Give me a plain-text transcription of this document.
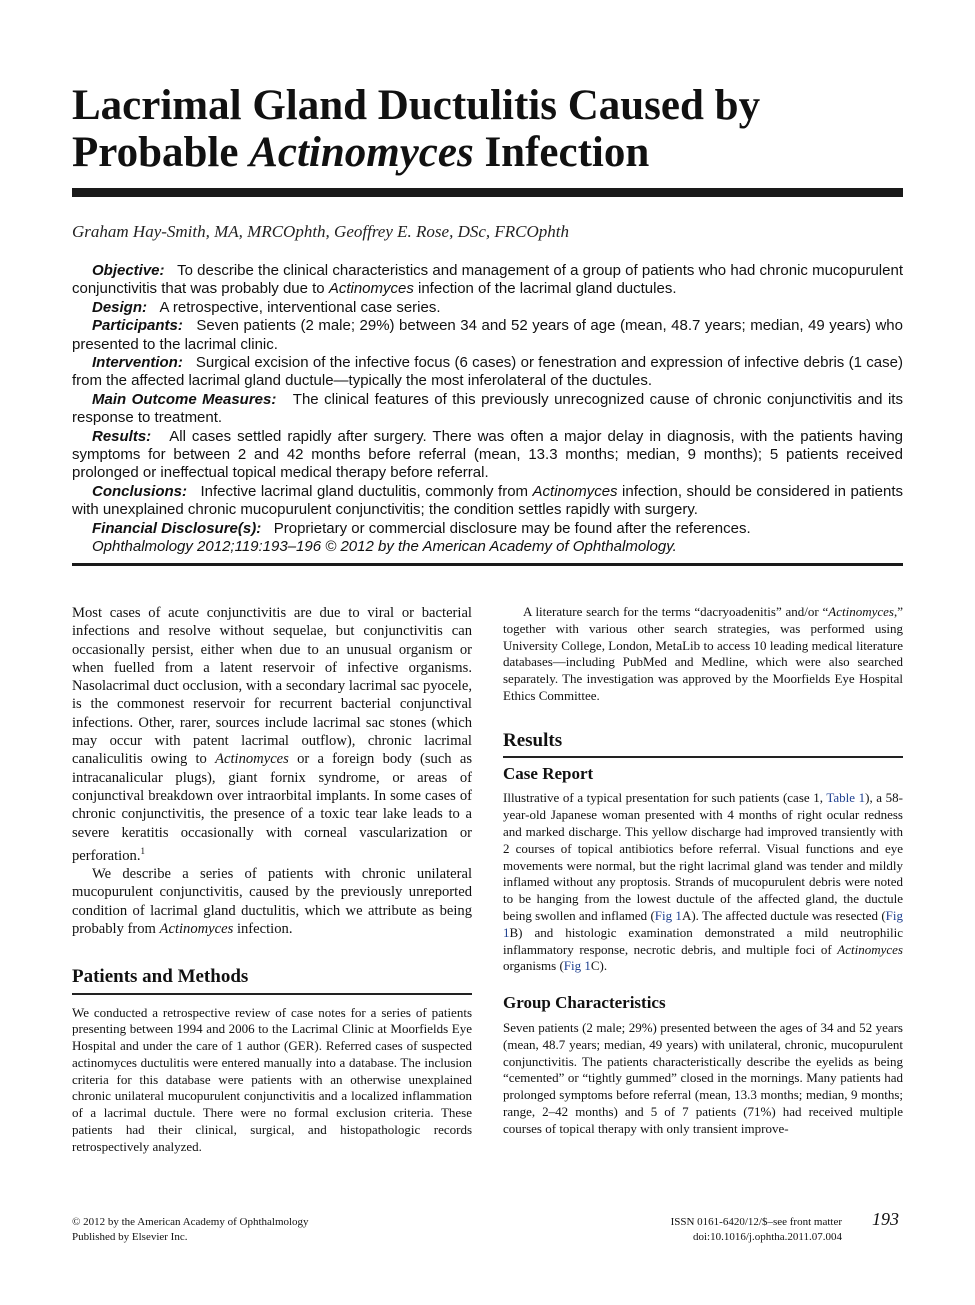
Lacrimal Gland Ductulitis Caused by
Probable Actinomyces Infection
Graham Hay-Smith, MA, MRCOphth, Geoffrey E. Rose, DSc, FRCOphth

Objective: To describe the clinical characteristics and management of a group of patients who had chronic mucopurulent conjunctivitis that was probably due to Actinomyces infection of the lacrimal gland ductules.

Design: A retrospective, interventional case series.

Participants: Seven patients (2 male; 29%) between 34 and 52 years of age (mean, 48.7 years; median, 49 years) who presented to the lacrimal clinic.

Intervention: Surgical excision of the infective focus (6 cases) or fenestration and expression of infective debris (1 case) from the affected lacrimal gland ductule—typically the most inferolateral of the ductules.

Main Outcome Measures: The clinical features of this previously unrecognized cause of chronic conjunctivitis and its response to treatment.

Results: All cases settled rapidly after surgery. There was often a major delay in diagnosis, with the patients having symptoms for between 2 and 42 months before referral (mean, 13.3 months; median, 9 months); 5 patients received prolonged or ineffectual topical medical therapy before referral.

Conclusions: Infective lacrimal gland ductulitis, commonly from Actinomyces infection, should be considered in patients with unexplained chronic mucopurulent conjunctivitis; the condition settles rapidly with surgery.

Financial Disclosure(s): Proprietary or commercial disclosure may be found after the references.

Ophthalmology 2012;119:193–196 © 2012 by the American Academy of Ophthalmology.

Most cases of acute conjunctivitis are due to viral or bacterial infections and resolve without sequelae, but conjunctivitis can occasionally persist, either when due to an unusual organism or when fuelled from a latent reservoir of infective organisms. Nasolacrimal duct occlusion, with a secondary lacrimal sac pyocele, is the commonest reservoir for recurrent bacterial conjunctival infections. Other, rarer, sources include lacrimal sac stones (which may occur with patent lacrimal outflow), chronic lacrimal canaliculitis owing to Actinomyces or a foreign body (such as intracanalicular plugs), giant fornix syndrome, or areas of conjunctival breakdown over intraorbital implants. In some cases of chronic conjunctivitis, the presence of a toxic tear lake leads to a severe keratitis occasionally with corneal vascularization or perforation.$^1$

We describe a series of patients with chronic unilateral mucopurulent conjunctivitis, caused by the previously unreported condition of lacrimal gland ductulitis, which we attribute as being probably from Actinomyces infection.

Patients and Methods

We conducted a retrospective review of case notes for a series of patients presenting between 1994 and 2006 to the Lacrimal Clinic at Moorfields Eye Hospital and under the care of 1 author (GER). Referred cases of suspected actinomyces ductulitis were entered manually into a database. The inclusion criteria for this database were patients with an otherwise unexplained chronic unilateral mucopurulent conjunctivitis and a localized inflammation of a lacrimal ductule. There were no formal exclusion criteria. These patients had their clinical, surgical, and histopathologic records retrospectively analyzed.

A literature search for the terms “dacryoadenitis” and/or “Actinomyces,” together with various other search strategies, was performed using University College, London, MetaLib to access 10 leading medical literature databases—including PubMed and Medline, which were also searched separately. The investigation was approved by the Moorfields Eye Hospital Ethics Committee.

Results
Case Report

Illustrative of a typical presentation for such patients (case 1, Table 1), a 58-year-old Japanese woman presented with 4 months of right ocular redness and marked discharge. This yellow discharge had improved transiently with 2 courses of topical antibiotics before referral. Visual functions and eye movements were normal, but the right lacrimal gland was tender and mildly inflamed without any proptosis. Strands of mucopurulent debris were noted to be hanging from the lowest ductule of the affected gland, the ductule being swollen and inflamed (Fig 1A). The affected ductule was resected (Fig 1B) and histologic examination demonstrated a mild neutrophilic inflammatory response, necrotic debris, and multiple foci of Actinomyces organisms (Fig 1C).

Group Characteristics

Seven patients (2 male; 29%) presented between the ages of 34 and 52 years (mean, 48.7 years; median, 49 years) with unilateral, chronic, mucopurulent conjunctivitis. The patients characteristically describe the eyelids as being “cemented” or “tightly gummed” closed in the mornings. Many patients had prolonged symptoms before referral (mean, 13.3 months; median, 9 months; range, 2–42 months) and 5 of 7 patients (71%) had received multiple courses of topical therapy with only transient improve-

© 2012 by the American Academy of Ophthalmology
Published by Elsevier Inc.
ISSN 0161-6420/12/$–see front matter
doi:10.1016/j.ophtha.2011.07.004
193
